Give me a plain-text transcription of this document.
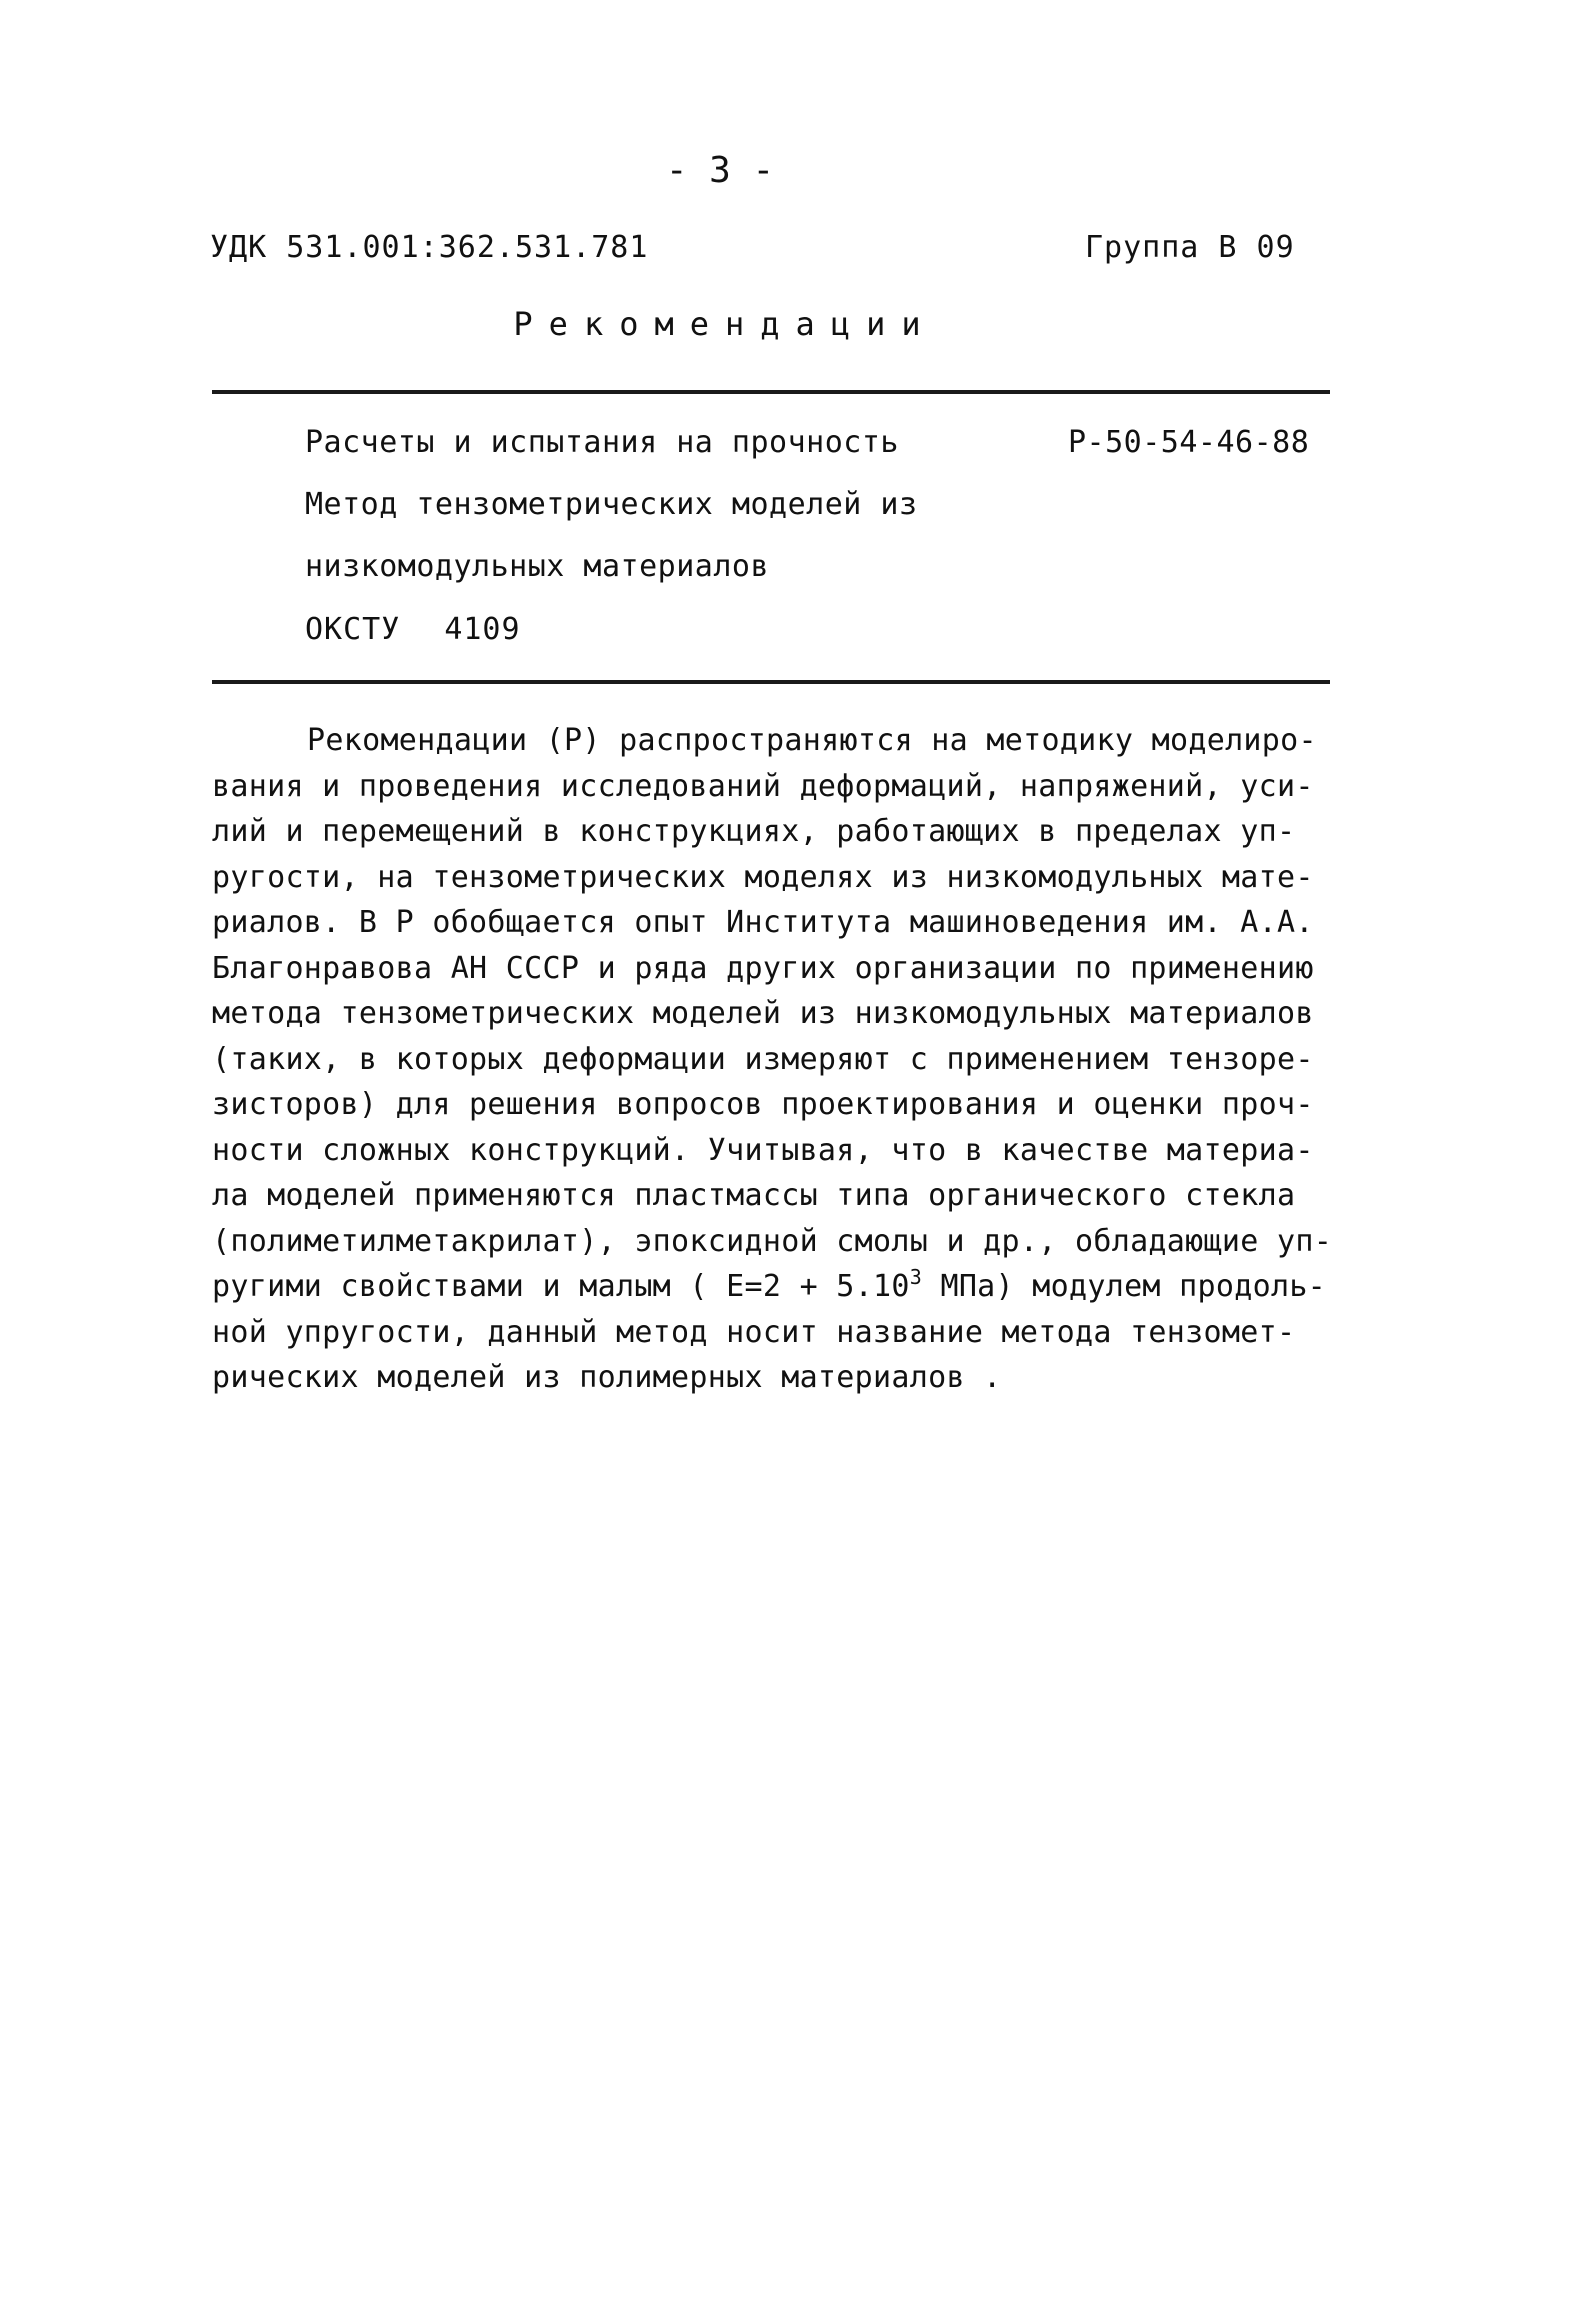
- 3 -
УДК 531.001:362.531.781	Группа В 09
Рекомендации
Расчеты и испытания на прочность
Метод тензометрических моделей из
низкомодульных материалов
Р-50-54-46-88
ОКСТУ 4109
Рекомендации (Р) распространяются на методику моделиро-
вания и проведения исследований деформаций, напряжений, уси-
лий и перемещений в конструкциях, работающих в пределах уп-
ругости, на тензометрических моделях из низкомодульных мате-
риалов. В Р обобщается опыт Института машиноведения им. А.А.
Благонравова АН СССР и ряда других организации по применению
метода тензометрических моделей из низкомодульных материалов
(таких, в которых деформации измеряют с применением тензоре-
зисторов) для решения вопросов проектирования и оценки проч-
ности сложных конструкций. Учитывая, что в качестве материа-
ла моделей применяются пластмассы типа органического стекла
(полиметилметакрилат), эпоксидной смолы и др., обладающие уп-
ругими свойствами и малым ( $Е=2 + 5.10^3$ МПа) модулем продоль-
ной упругости, данный метод носит название метода тензомет-
рических моделей из полимерных материалов .
